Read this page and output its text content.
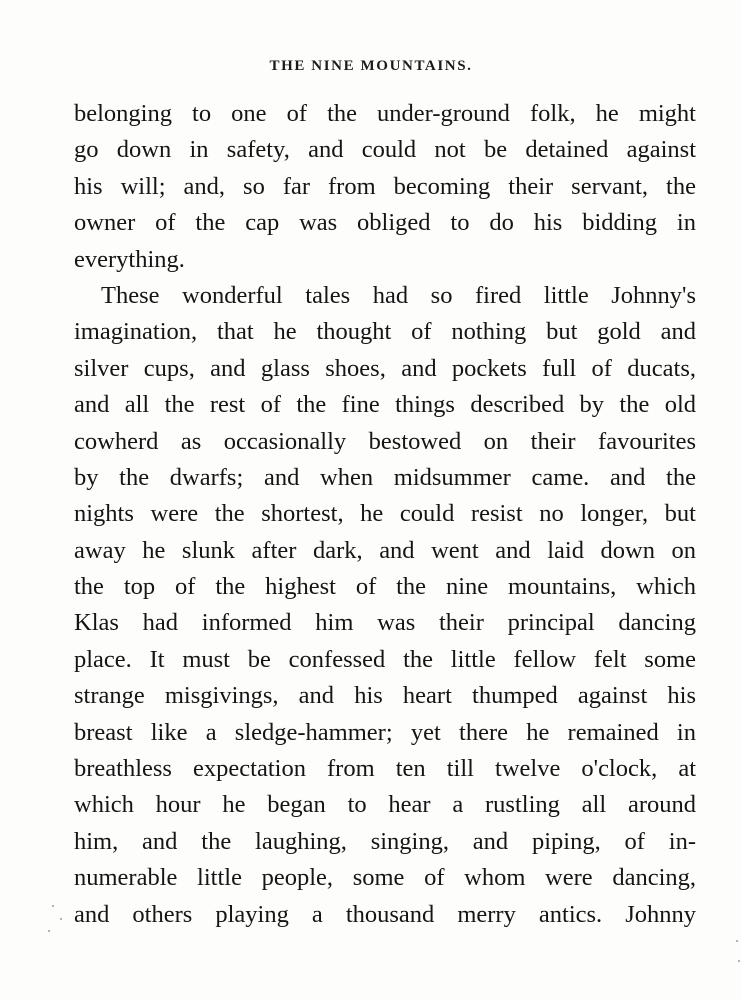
THE NINE MOUNTAINS.
belonging to one of the under-ground folk, he might
go down in safety, and could not be detained against
his will; and, so far from becoming their servant, the
owner of the cap was obliged to do his bidding in
everything.
These wonderful tales had so fired little Johnny's
imagination, that he thought of nothing but gold and
silver cups, and glass shoes, and pockets full of ducats,
and all the rest of the fine things described by the old
cowherd as occasionally bestowed on their favourites
by the dwarfs; and when midsummer came. and the
nights were the shortest, he could resist no longer, but
away he slunk after dark, and went and laid down on
the top of the highest of the nine mountains, which
Klas had informed him was their principal dancing
place. It must be confessed the little fellow felt some
strange misgivings, and his heart thumped against his
breast like a sledge-hammer; yet there he remained in
breathless expectation from ten till twelve o'clock, at
which hour he began to hear a rustling all around
him, and the laughing, singing, and piping, of in-
numerable little people, some of whom were dancing,
and others playing a thousand merry antics. Johnny
